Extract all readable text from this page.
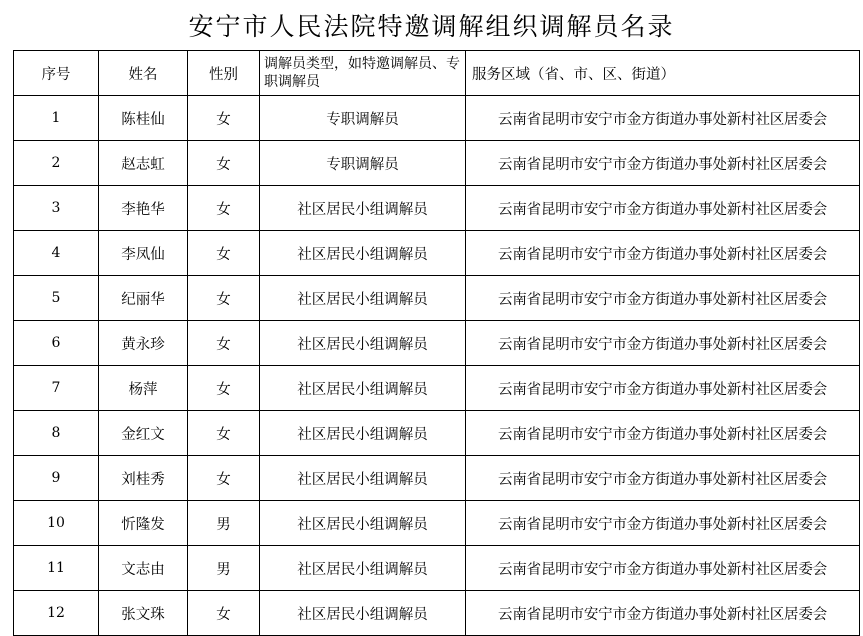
安宁市人民法院特邀调解组织调解员名录
序号	姓名	性别	调解员类型，如特邀调解员、专职调解员	服务区域（省、市、区、街道）
1	陈桂仙	女	专职调解员	云南省昆明市安宁市金方街道办事处新村社区居委会
2	赵志虹	女	专职调解员	云南省昆明市安宁市金方街道办事处新村社区居委会
3	李艳华	女	社区居民小组调解员	云南省昆明市安宁市金方街道办事处新村社区居委会
4	李凤仙	女	社区居民小组调解员	云南省昆明市安宁市金方街道办事处新村社区居委会
5	纪丽华	女	社区居民小组调解员	云南省昆明市安宁市金方街道办事处新村社区居委会
6	黄永珍	女	社区居民小组调解员	云南省昆明市安宁市金方街道办事处新村社区居委会
7	杨萍	女	社区居民小组调解员	云南省昆明市安宁市金方街道办事处新村社区居委会
8	金红文	女	社区居民小组调解员	云南省昆明市安宁市金方街道办事处新村社区居委会
9	刘桂秀	女	社区居民小组调解员	云南省昆明市安宁市金方街道办事处新村社区居委会
10	忻隆发	男	社区居民小组调解员	云南省昆明市安宁市金方街道办事处新村社区居委会
11	文志由	男	社区居民小组调解员	云南省昆明市安宁市金方街道办事处新村社区居委会
12	张文珠	女	社区居民小组调解员	云南省昆明市安宁市金方街道办事处新村社区居委会
